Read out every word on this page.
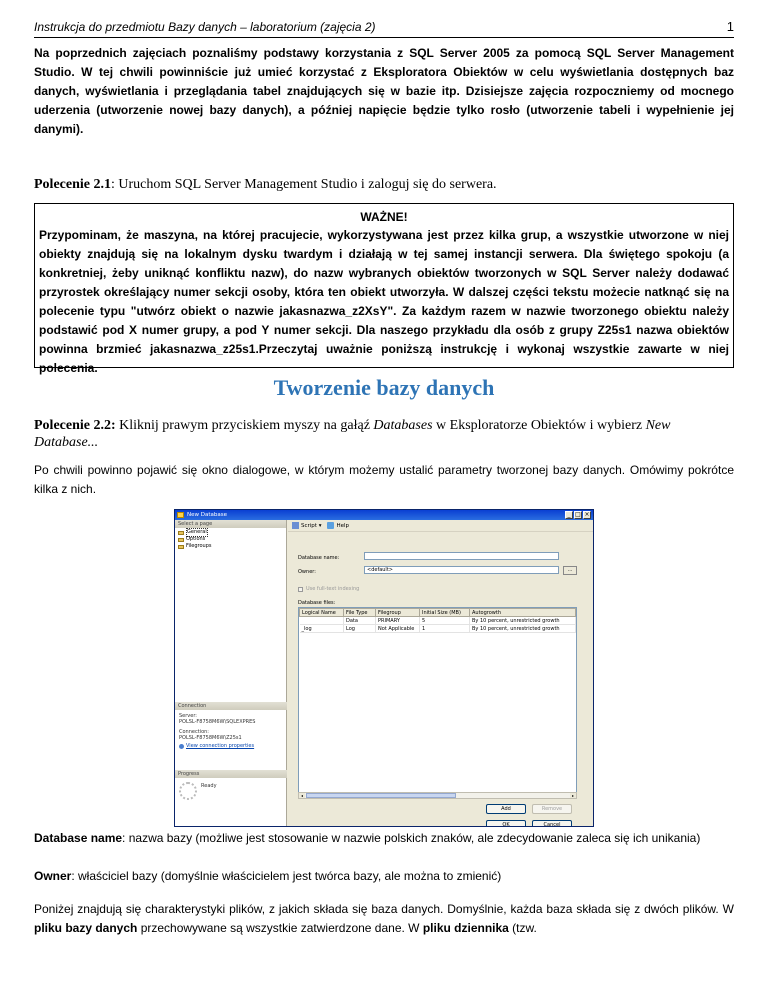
Instrukcja do przedmiotu Bazy danych – laboratorium (zajęcia 2)	1

Na poprzednich zajęciach poznaliśmy podstawy korzystania z SQL Server 2005 za pomocą SQL Server Management Studio. W tej chwili powinniście już umieć korzystać z Eksploratora Obiektów w celu wyświetlania dostępnych baz danych, wyświetlania i przeglądania tabel znajdujących się w bazie itp. Dzisiejsze zajęcia rozpoczniemy od mocnego uderzenia (utworzenie nowej bazy danych), a później napięcie będzie tylko rosło (utworzenie tabeli i wypełnienie jej danymi).

Polecenie 2.1: Uruchom SQL Server Management Studio i zaloguj się do serwera.

WAŻNE!
Przypominam, że maszyna, na której pracujecie, wykorzystywana jest przez kilka grup, a wszystkie utworzone w niej obiekty znajdują się na lokalnym dysku twardym i działają w tej samej instancji serwera. Dla świętego spokoju (a konkretniej, żeby uniknąć konfliktu nazw), do nazw wybranych obiektów tworzonych w SQL Server należy dodawać przyrostek określający numer sekcji osoby, która ten obiekt utworzyła. W dalszej części tekstu możecie natknąć się na polecenie typu "utwórz obiekt o nazwie jakasnazwa_z2XsY". Za każdym razem w nazwie tworzonego obiektu należy podstawić pod X numer grupy, a pod Y numer sekcji. Dla naszego przykładu dla osób z grupy Z25s1 nazwa obiektów powinna brzmieć jakasnazwa_z25s1.Przeczytaj uważnie poniższą instrukcję i wykonaj wszystkie zawarte w niej polecenia.
Tworzenie bazy danych

Polecenie 2.2: Kliknij prawym przyciskiem myszy na gałąź Databases w Eksploratorze Obiektów i wybierz New Database...

Po chwili powinno pojawić się okno dialogowe, w którym możemy ustalić parametry tworzonej bazy danych. Omówimy pokrótce kilka z nich.

New Database	_ □ ×
Select a page
General
Options
Filegroups
Connection
Server:
POLSL-F8758M6W\SQLEXPRES
Connection:
POLSL-F8758M6W\Z25s1
View connection properties
Progress
Ready
Script ▾	Help
Database name:
Owner:	<default>	...
Use full-text indexing
Database files:
Logical Name	File Type	Filegroup	Initial Size (MB)	Autogrowth
	Data	PRIMARY	5	By 10 percent, unrestricted growth
_log	Log	Not Applicable	1	By 10 percent, unrestricted growth
◂	▸
Add	Remove
OK	Cancel

Database name: nazwa bazy (możliwe jest stosowanie w nazwie polskich znaków, ale zdecydowanie zaleca się ich unikania)

Owner: właściciel bazy (domyślnie właścicielem jest twórca bazy, ale można to zmienić)

Poniżej znajdują się charakterystyki plików, z jakich składa się baza danych. Domyślnie, każda baza składa się z dwóch plików. W pliku bazy danych przechowywane są wszystkie zatwierdzone dane. W pliku dziennika (tzw.
